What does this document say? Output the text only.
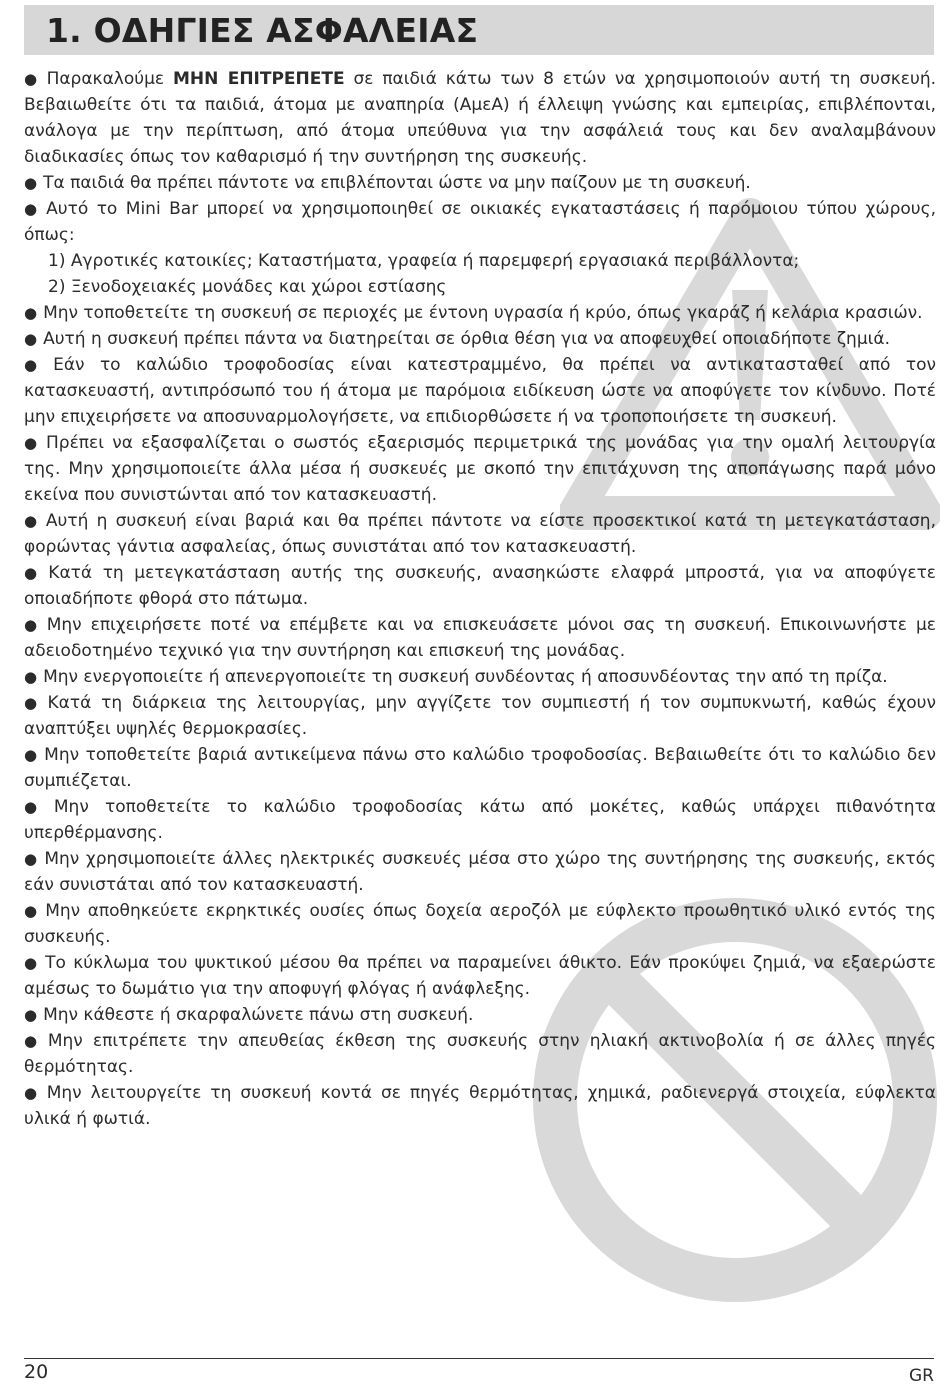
1. ΟΔΗΓΙΕΣ ΑΣΦΑΛΕΙΑΣ

● Παρακαλούμε ΜΗΝ ΕΠΙΤΡΕΠΕΤΕ σε παιδιά κάτω των 8 ετών να χρησιμοποιούν αυτή τη συσκευή. Βεβαιωθείτε ότι τα παιδιά, άτομα με αναπηρία (ΑμεΑ) ή έλλειψη γνώσης και εμπειρίας, επιβλέπονται, ανάλογα με την περίπτωση, από άτομα υπεύθυνα για την ασφάλειά τους και δεν αναλαμβάνουν διαδικασίες όπως τον καθαρισμό ή την συντήρηση της συσκευής.

● Τα παιδιά θα πρέπει πάντοτε να επιβλέπονται ώστε να μην παίζουν με τη συσκευή.

● Αυτό το Mini Bar μπορεί να χρησιμοποιηθεί σε οικιακές εγκαταστάσεις ή παρόμοιου τύπου χώρους, όπως:

1) Αγροτικές κατοικίες; Καταστήματα, γραφεία ή παρεμφερή εργασιακά περιβάλλοντα;

2) Ξενοδοχειακές μονάδες και χώροι εστίασης

● Μην τοποθετείτε τη συσκευή σε περιοχές με έντονη υγρασία ή κρύο, όπως γκαράζ ή κελάρια κρασιών.

● Αυτή η συσκευή πρέπει πάντα να διατηρείται σε όρθια θέση για να αποφευχθεί οποιαδήποτε ζημιά.

● Εάν το καλώδιο τροφοδοσίας είναι κατεστραμμένο, θα πρέπει να αντικατασταθεί από τον κατασκευαστή, αντιπρόσωπό του ή άτομα με παρόμοια ειδίκευση ώστε να αποφύγετε τον κίνδυνο. Ποτέ μην επιχειρήσετε να αποσυναρμολογήσετε, να επιδιορθώσετε ή να τροποποιήσετε τη συσκευή.

● Πρέπει να εξασφαλίζεται ο σωστός εξαερισμός περιμετρικά της μονάδας για την ομαλή λειτουργία της. Μην χρησιμοποιείτε άλλα μέσα ή συσκευές με σκοπό την επιτάχυνση της αποπάγωσης παρά μόνο εκείνα που συνιστώνται από τον κατασκευαστή.

● Αυτή η συσκευή είναι βαριά και θα πρέπει πάντοτε να είστε προσεκτικοί κατά τη μετεγκατάσταση, φορώντας γάντια ασφαλείας, όπως συνιστάται από τον κατασκευαστή.

● Κατά τη μετεγκατάσταση αυτής της συσκευής, ανασηκώστε ελαφρά μπροστά, για να αποφύγετε οποιαδήποτε φθορά στο πάτωμα.

● Μην επιχειρήσετε ποτέ να επέμβετε και να επισκευάσετε μόνοι σας τη συσκευή. Επικοινωνήστε με αδειοδοτημένο τεχνικό για την συντήρηση και επισκευή της μονάδας.

● Μην ενεργοποιείτε ή απενεργοποιείτε τη συσκευή συνδέοντας ή αποσυνδέοντας την από τη πρίζα.

● Κατά τη διάρκεια της λειτουργίας, μην αγγίζετε τον συμπιεστή ή τον συμπυκνωτή, καθώς έχουν αναπτύξει υψηλές θερμοκρασίες.

● Μην τοποθετείτε βαριά αντικείμενα πάνω στο καλώδιο τροφοδοσίας. Βεβαιωθείτε ότι το καλώδιο δεν συμπιέζεται.

● Μην τοποθετείτε το καλώδιο τροφοδοσίας κάτω από μοκέτες, καθώς υπάρχει πιθανότητα υπερθέρμανσης.

● Μην χρησιμοποιείτε άλλες ηλεκτρικές συσκευές μέσα στο χώρο της συντήρησης της συσκευής, εκτός εάν συνιστάται από τον κατασκευαστή.

● Μην αποθηκεύετε εκρηκτικές ουσίες όπως δοχεία αεροζόλ με εύφλεκτο προωθητικό υλικό εντός της συσκευής.

● Το κύκλωμα του ψυκτικού μέσου θα πρέπει να παραμείνει άθικτο. Εάν προκύψει ζημιά, να εξαερώστε αμέσως το δωμάτιο για την αποφυγή φλόγας ή ανάφλεξης.

● Μην κάθεστε ή σκαρφαλώνετε πάνω στη συσκευή.

● Μην επιτρέπετε την απευθείας έκθεση της συσκευής στην ηλιακή ακτινοβολία ή σε άλλες πηγές θερμότητας.

● Μην λειτουργείτε τη συσκευή κοντά σε πηγές θερμότητας, χημικά, ραδιενεργά στοιχεία, εύφλεκτα υλικά ή φωτιά.

20	GR
